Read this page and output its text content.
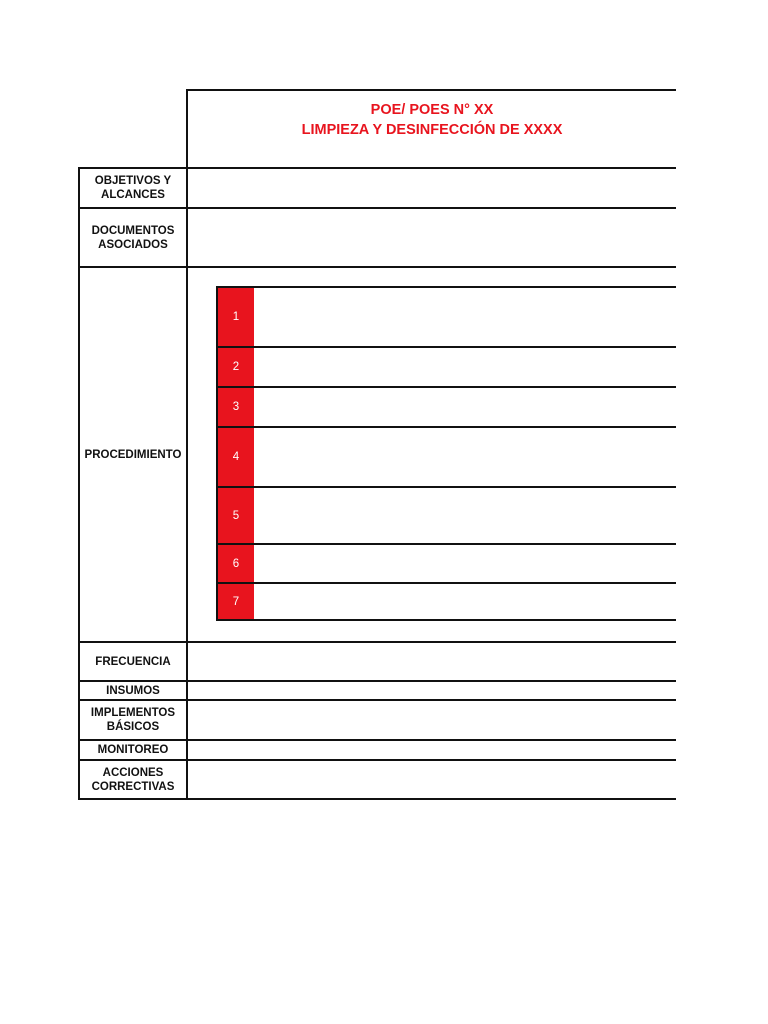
POE/ POES N° XX
LIMPIEZA Y DESINFECCIÓN DE XXXX
OBJETIVOS Y
ALCANCES
DOCUMENTOS
ASOCIADOS
PROCEDIMIENTO
FRECUENCIA
INSUMOS
IMPLEMENTOS
BÁSICOS
MONITOREO
ACCIONES
CORRECTIVAS
1
2
3
4
5
6
7
